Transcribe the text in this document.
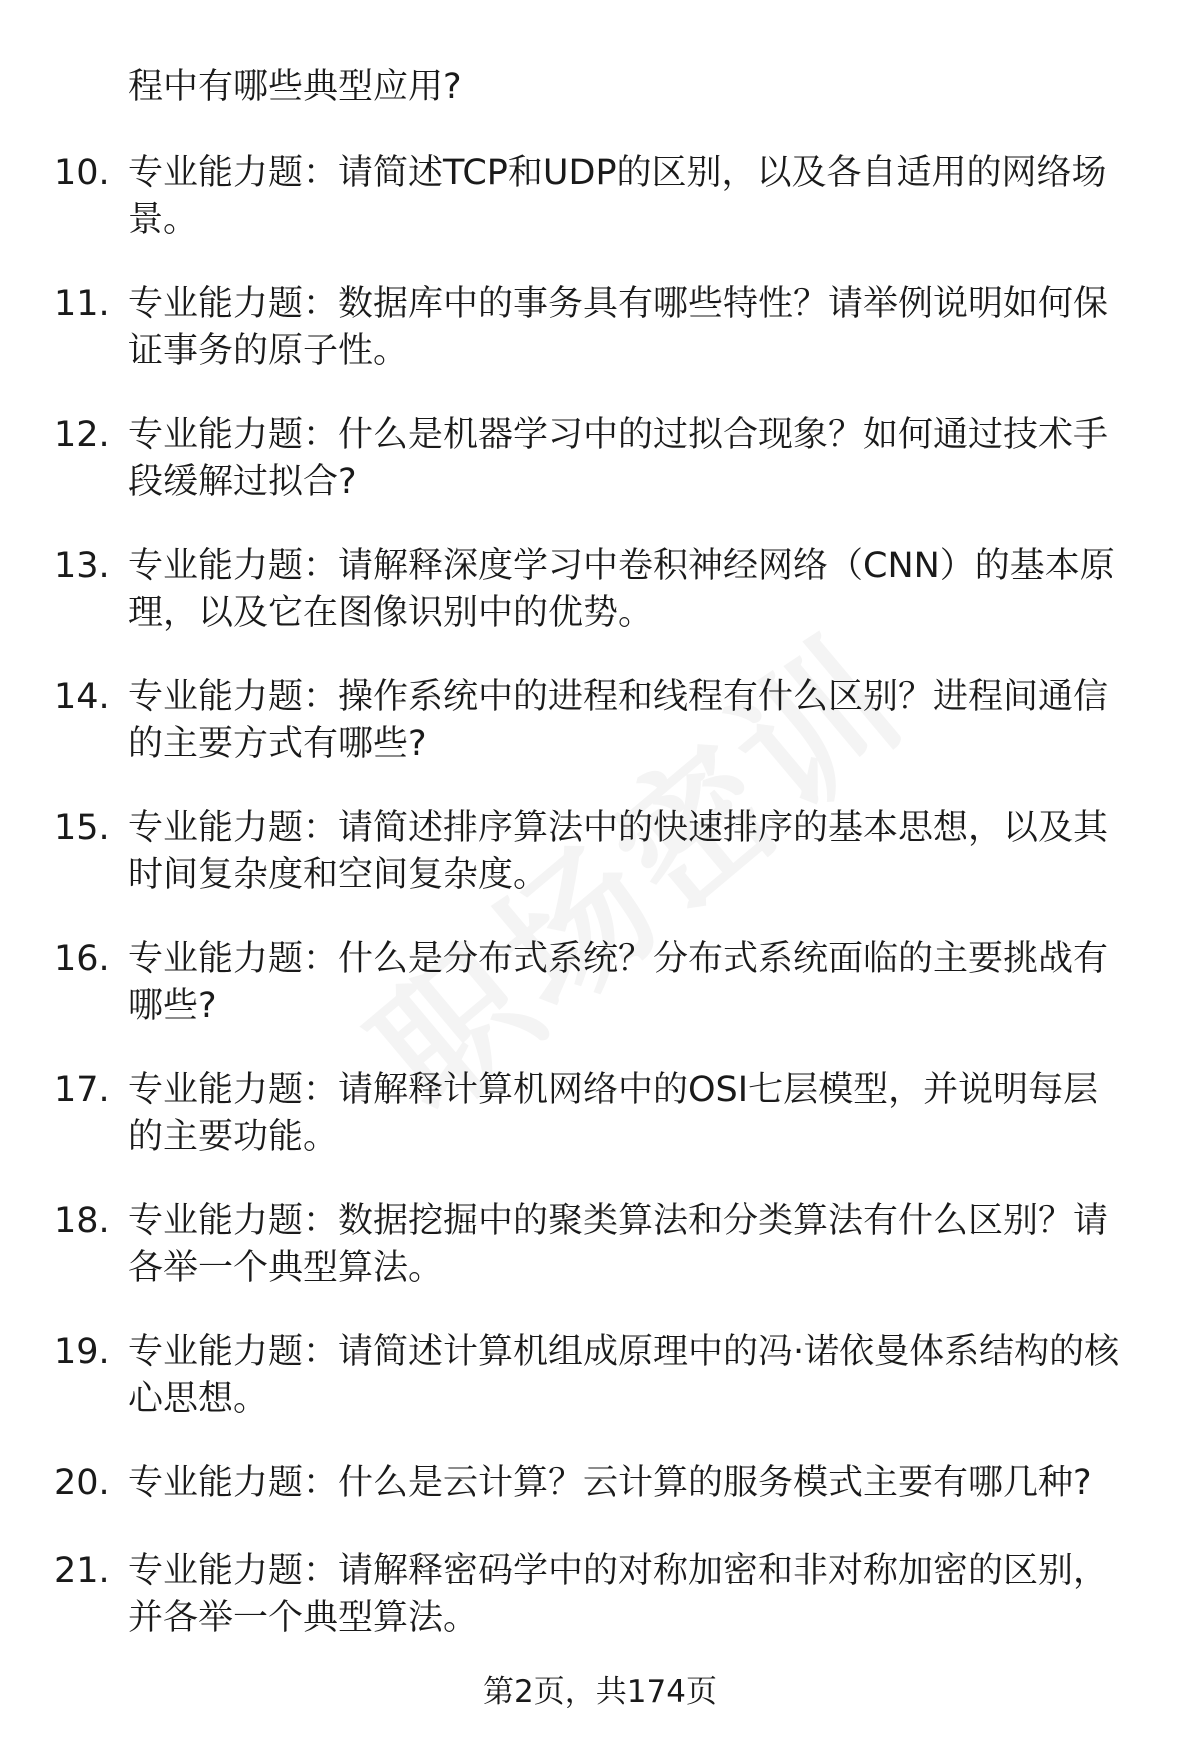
程中有哪些典型应用?
10. 专业能力题：请简述TCP和UDP的区别，以及各自适用的网络场
景。
11. 专业能力题：数据库中的事务具有哪些特性？请举例说明如何保
证事务的原子性。
12. 专业能力题：什么是机器学习中的过拟合现象？如何通过技术手
段缓解过拟合?
13. 专业能力题：请解释深度学习中卷积神经网络（CNN）的基本原
理，以及它在图像识别中的优势。
14. 专业能力题：操作系统中的进程和线程有什么区别？进程间通信
的主要方式有哪些?
15. 专业能力题：请简述排序算法中的快速排序的基本思想，以及其
时间复杂度和空间复杂度。
16. 专业能力题：什么是分布式系统？分布式系统面临的主要挑战有
哪些?
17. 专业能力题：请解释计算机网络中的OSI七层模型，并说明每层
的主要功能。
18. 专业能力题：数据挖掘中的聚类算法和分类算法有什么区别？请
各举一个典型算法。
19. 专业能力题：请简述计算机组成原理中的冯·诺依曼体系结构的核
心思想。
20. 专业能力题：什么是云计算？云计算的服务模式主要有哪几种?
21. 专业能力题：请解释密码学中的对称加密和非对称加密的区别，
并各举一个典型算法。
第2页，共174页
